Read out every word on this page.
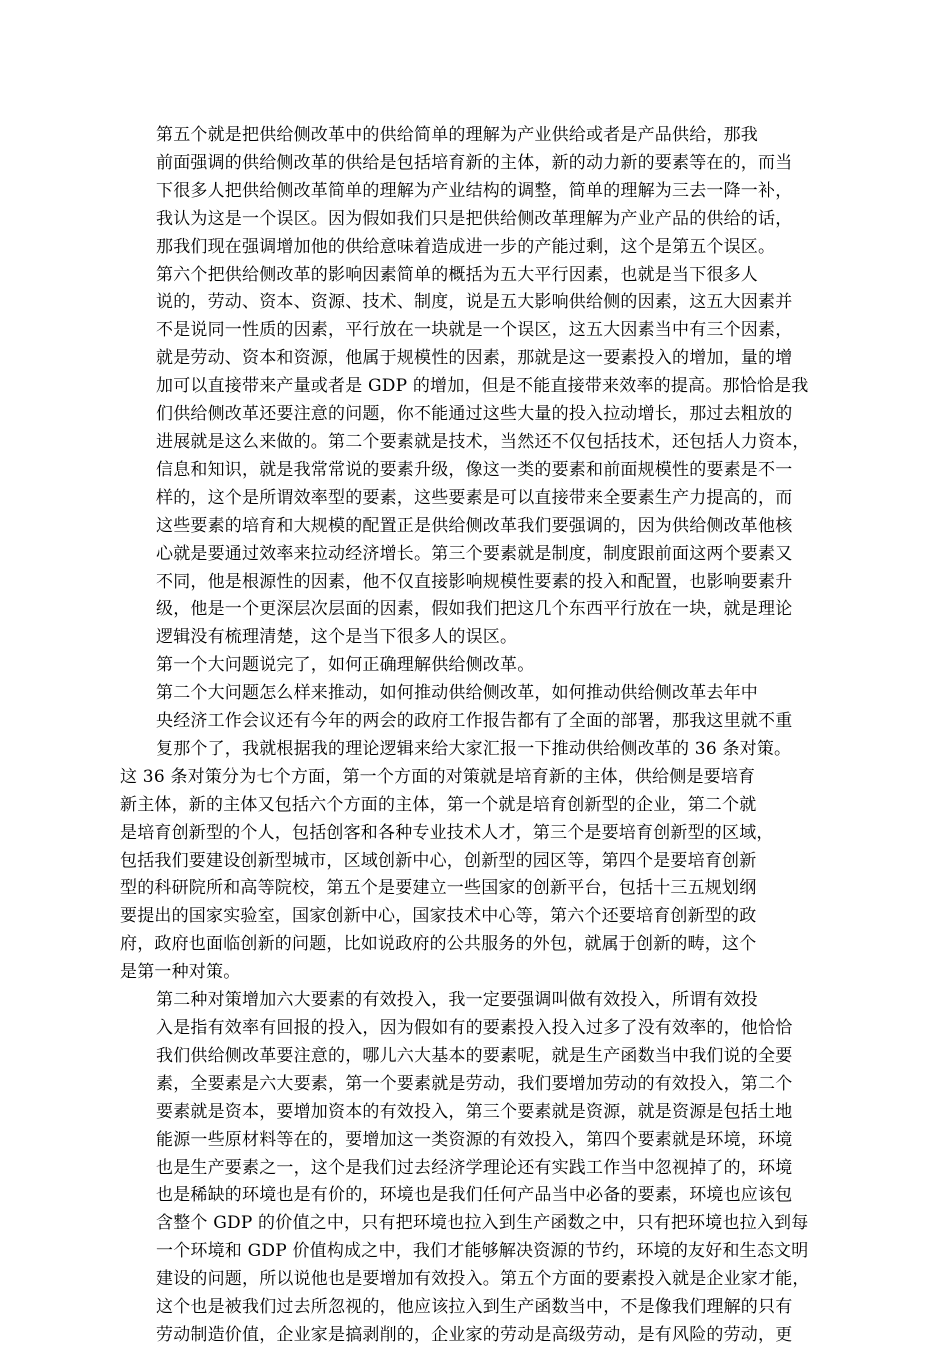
第五个就是把供给侧改革中的供给简单的理解为产业供给或者是产品供给，那我
前面强调的供给侧改革的供给是包括培育新的主体，新的动力新的要素等在的，而当
下很多人把供给侧改革简单的理解为产业结构的调整，简单的理解为三去一降一补，
我认为这是一个误区。因为假如我们只是把供给侧改革理解为产业产品的供给的话，
那我们现在强调增加他的供给意味着造成进一步的产能过剩，这个是第五个误区。

第六个把供给侧改革的影响因素简单的概括为五大平行因素，也就是当下很多人
说的，劳动、资本、资源、技术、制度，说是五大影响供给侧的因素，这五大因素并
不是说同一性质的因素，平行放在一块就是一个误区，这五大因素当中有三个因素，
就是劳动、资本和资源，他属于规模性的因素，那就是这一要素投入的增加，量的增
加可以直接带来产量或者是 GDP 的增加，但是不能直接带来效率的提高。那恰恰是我
们供给侧改革还要注意的问题，你不能通过这些大量的投入拉动增长，那过去粗放的
进展就是这么来做的。第二个要素就是技术，当然还不仅包括技术，还包括人力资本，
信息和知识，就是我常常说的要素升级，像这一类的要素和前面规模性的要素是不一
样的，这个是所谓效率型的要素，这些要素是可以直接带来全要素生产力提高的，而
这些要素的培育和大规模的配置正是供给侧改革我们要强调的，因为供给侧改革他核
心就是要通过效率来拉动经济增长。第三个要素就是制度，制度跟前面这两个要素又
不同，他是根源性的因素，他不仅直接影响规模性要素的投入和配置，也影响要素升
级，他是一个更深层次层面的因素，假如我们把这几个东西平行放在一块，就是理论
逻辑没有梳理清楚，这个是当下很多人的误区。

第一个大问题说完了，如何正确理解供给侧改革。

第二个大问题怎么样来推动，如何推动供给侧改革，如何推动供给侧改革去年中
央经济工作会议还有今年的两会的政府工作报告都有了全面的部署，那我这里就不重
复那个了，我就根据我的理论逻辑来给大家汇报一下推动供给侧改革的 36 条对策。

这 36 条对策分为七个方面，第一个方面的对策就是培育新的主体，供给侧是要培育
新主体，新的主体又包括六个方面的主体，第一个就是培育创新型的企业，第二个就
是培育创新型的个人，包括创客和各种专业技术人才，第三个是要培育创新型的区域，
包括我们要建设创新型城市，区域创新中心，创新型的园区等，第四个是要培育创新
型的科研院所和高等院校，第五个是要建立一些国家的创新平台，包括十三五规划纲
要提出的国家实验室，国家创新中心，国家技术中心等，第六个还要培育创新型的政
府，政府也面临创新的问题，比如说政府的公共服务的外包，就属于创新的畴，这个
是第一种对策。

第二种对策增加六大要素的有效投入，我一定要强调叫做有效投入，所谓有效投
入是指有效率有回报的投入，因为假如有的要素投入投入过多了没有效率的，他恰恰
我们供给侧改革要注意的，哪儿六大基本的要素呢，就是生产函数当中我们说的全要
素，全要素是六大要素，第一个要素就是劳动，我们要增加劳动的有效投入，第二个
要素就是资本，要增加资本的有效投入，第三个要素就是资源，就是资源是包括土地
能源一些原材料等在的，要增加这一类资源的有效投入，第四个要素就是环境，环境
也是生产要素之一，这个是我们过去经济学理论还有实践工作当中忽视掉了的，环境
也是稀缺的环境也是有价的，环境也是我们任何产品当中必备的要素，环境也应该包
含整个 GDP 的价值之中，只有把环境也拉入到生产函数之中，只有把环境也拉入到每
一个环境和 GDP 价值构成之中，我们才能够解决资源的节约，环境的友好和生态文明
建设的问题，所以说他也是要增加有效投入。第五个方面的要素投入就是企业家才能，
这个也是被我们过去所忽视的，他应该拉入到生产函数当中，不是像我们理解的只有
劳动制造价值，企业家是搞剥削的，企业家的劳动是高级劳动，是有风险的劳动，更
